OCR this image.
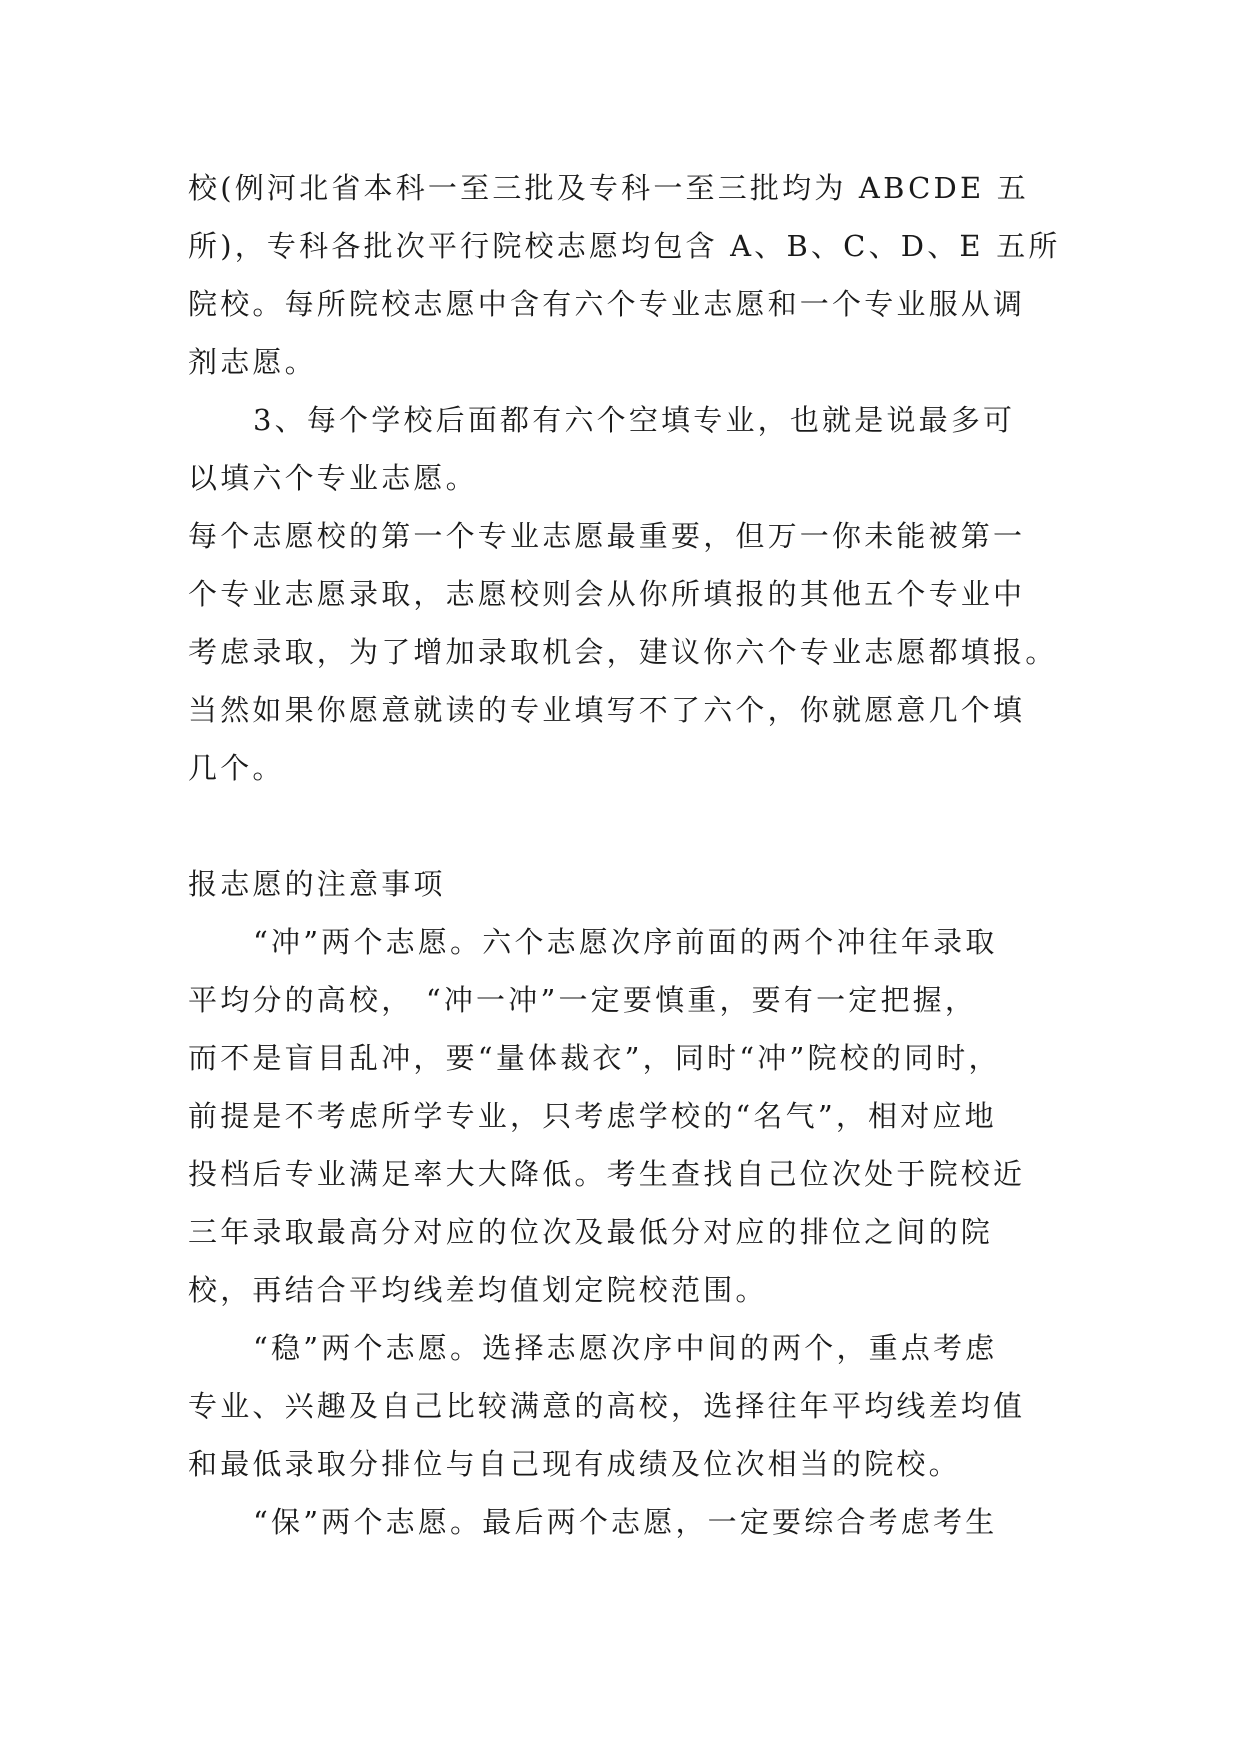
校(例河北省本科一至三批及专科一至三批均为 ABCDE 五
所)，专科各批次平行院校志愿均包含 A、B、C、D、E 五所
院校。每所院校志愿中含有六个专业志愿和一个专业服从调
剂志愿。
3、每个学校后面都有六个空填专业，也就是说最多可
以填六个专业志愿。
每个志愿校的第一个专业志愿最重要，但万一你未能被第一
个专业志愿录取，志愿校则会从你所填报的其他五个专业中
考虑录取，为了增加录取机会，建议你六个专业志愿都填报。
当然如果你愿意就读的专业填写不了六个，你就愿意几个填
几个。
报志愿的注意事项
“冲”两个志愿。六个志愿次序前面的两个冲往年录取
平均分的高校， “冲一冲”一定要慎重，要有一定把握，
而不是盲目乱冲，要“量体裁衣”，同时“冲”院校的同时，
前提是不考虑所学专业，只考虑学校的“名气”，相对应地
投档后专业满足率大大降低。考生查找自己位次处于院校近
三年录取最高分对应的位次及最低分对应的排位之间的院
校，再结合平均线差均值划定院校范围。
“稳”两个志愿。选择志愿次序中间的两个，重点考虑
专业、兴趣及自己比较满意的高校，选择往年平均线差均值
和最低录取分排位与自己现有成绩及位次相当的院校。
“保”两个志愿。最后两个志愿，一定要综合考虑考生
